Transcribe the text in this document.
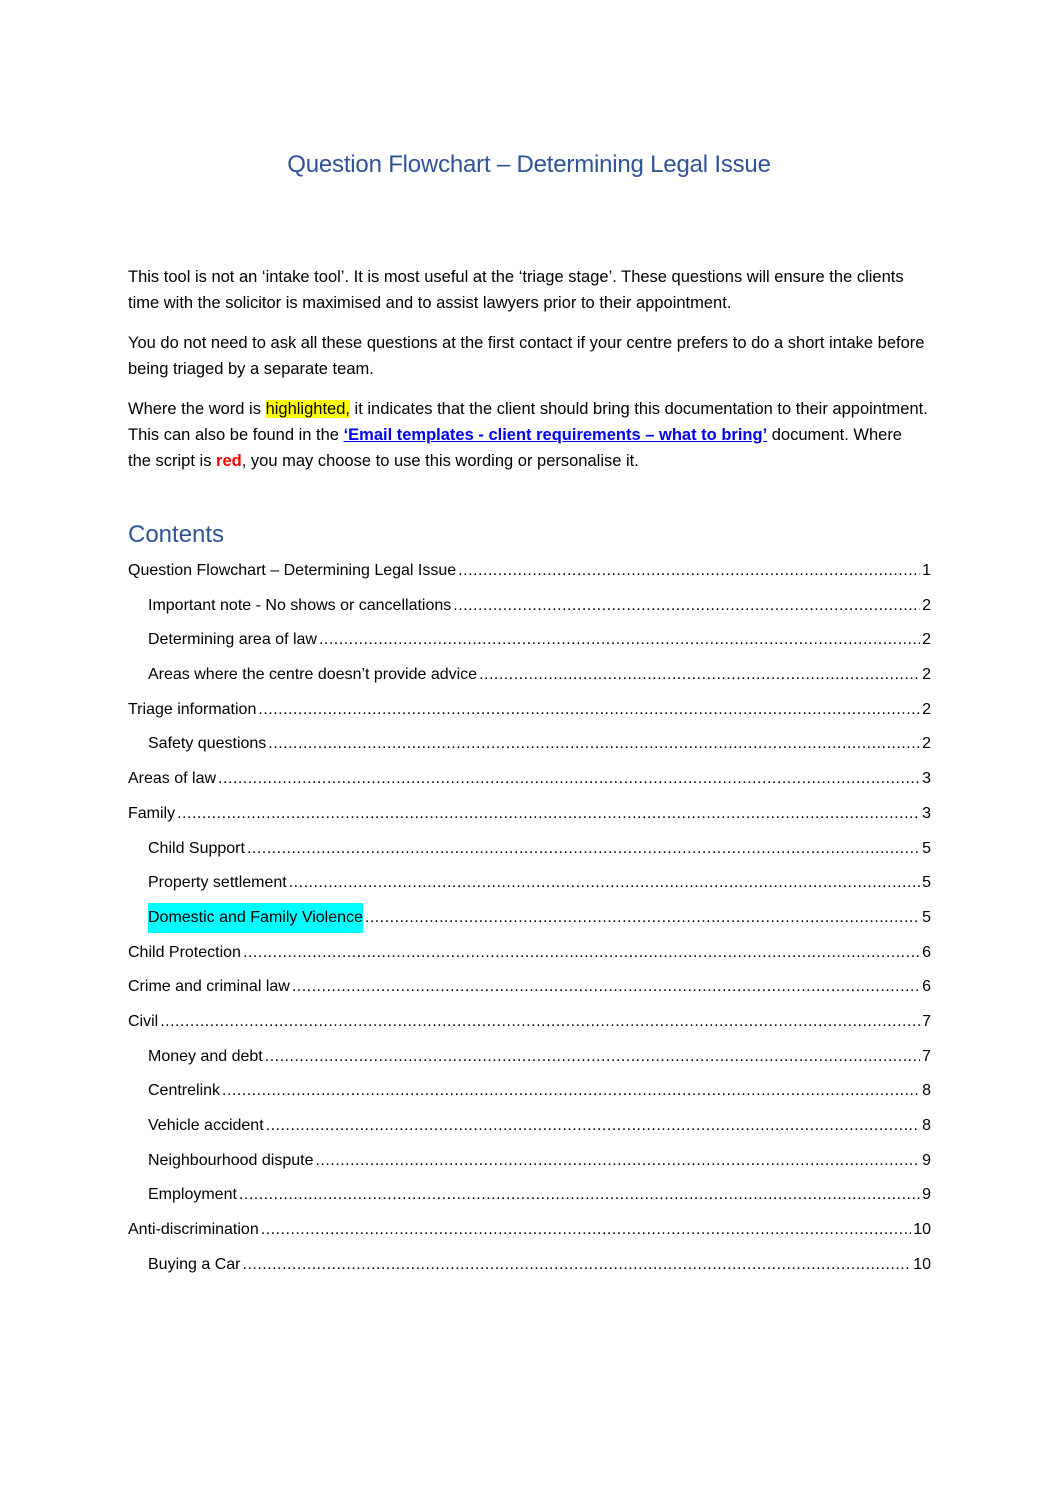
Question Flowchart – Determining Legal Issue

This tool is not an ‘intake tool’. It is most useful at the ‘triage stage’. These questions will ensure the clients time with the solicitor is maximised and to assist lawyers prior to their appointment.

You do not need to ask all these questions at the first contact if your centre prefers to do a short intake before being triaged by a separate team.

Where the word is highlighted, it indicates that the client should bring this documentation to their appointment. This can also be found in the ‘Email templates - client requirements – what to bring’ document. Where the script is red, you may choose to use this wording or personalise it.

Contents
Question Flowchart – Determining Legal Issue .....	1
Important note - No shows or cancellations .....	2
Determining area of law .....	2
Areas where the centre doesn’t provide advice .....	2
Triage information .....	2
Safety questions .....	2
Areas of law .....	3
Family .....	3
Child Support .....	5
Property settlement .....	5
Domestic and Family Violence .....	5
Child Protection .....	6
Crime and criminal law .....	6
Civil .....	7
Money and debt .....	7
Centrelink .....	8
Vehicle accident .....	8
Neighbourhood dispute .....	9
Employment .....	9
Anti-discrimination .....	10
Buying a Car .....	10
